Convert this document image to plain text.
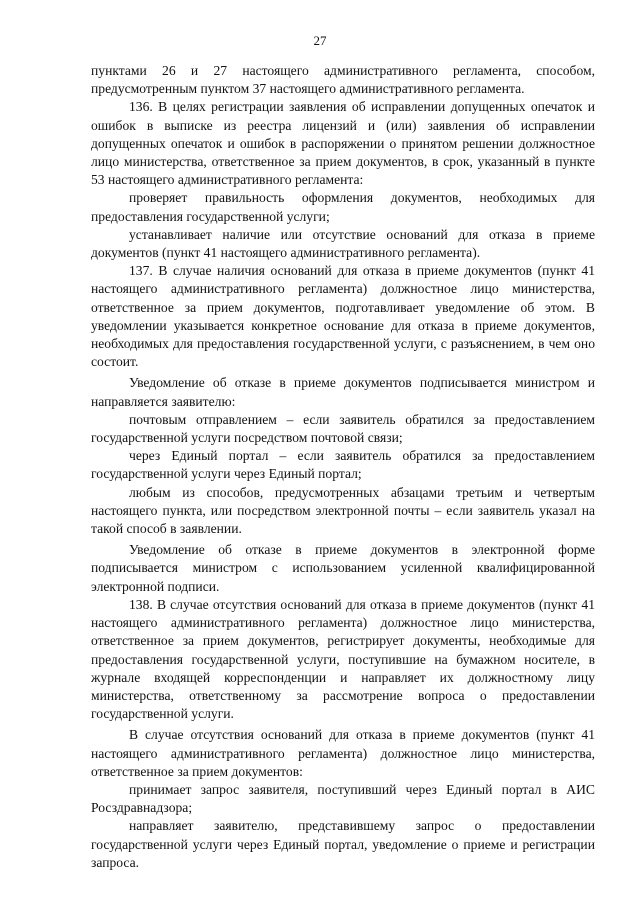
27

пунктами 26 и 27 настоящего административного регламента, способом, предусмотренным пунктом 37 настоящего административного регламента.

136. В целях регистрации заявления об исправлении допущенных опечаток и ошибок в выписке из реестра лицензий и (или) заявления об исправлении допущенных опечаток и ошибок в распоряжении о принятом решении должностное лицо министерства, ответственное за прием документов, в срок, указанный в пункте 53 настоящего административного регламента:

проверяет правильность оформления документов, необходимых для предоставления государственной услуги;

устанавливает наличие или отсутствие оснований для отказа в приеме документов (пункт 41 настоящего административного регламента).

137. В случае наличия оснований для отказа в приеме документов (пункт 41 настоящего административного регламента) должностное лицо министерства, ответственное за прием документов, подготавливает уведомление об этом. В уведомлении указывается конкретное основание для отказа в приеме документов, необходимых для предоставления государственной услуги, с разъяснением, в чем оно состоит.

Уведомление об отказе в приеме документов подписывается министром и направляется заявителю:

почтовым отправлением – если заявитель обратился за предоставлением государственной услуги посредством почтовой связи;

через Единый портал – если заявитель обратился за предоставлением государственной услуги через Единый портал;

любым из способов, предусмотренных абзацами третьим и четвертым настоящего пункта, или посредством электронной почты – если заявитель указал на такой способ в заявлении.

Уведомление об отказе в приеме документов в электронной форме подписывается министром с использованием усиленной квалифицированной электронной подписи.

138. В случае отсутствия оснований для отказа в приеме документов (пункт 41 настоящего административного регламента) должностное лицо министерства, ответственное за прием документов, регистрирует документы, необходимые для предоставления государственной услуги, поступившие на бумажном носителе, в журнале входящей корреспонденции и направляет их должностному лицу министерства, ответственному за рассмотрение вопроса о предоставлении государственной услуги.

В случае отсутствия оснований для отказа в приеме документов (пункт 41 настоящего административного регламента) должностное лицо министерства, ответственное за прием документов:

принимает запрос заявителя, поступивший через Единый портал в АИС Росздравнадзора;

направляет заявителю, представившему запрос о предоставлении государственной услуги через Единый портал, уведомление о приеме и регистрации запроса.
